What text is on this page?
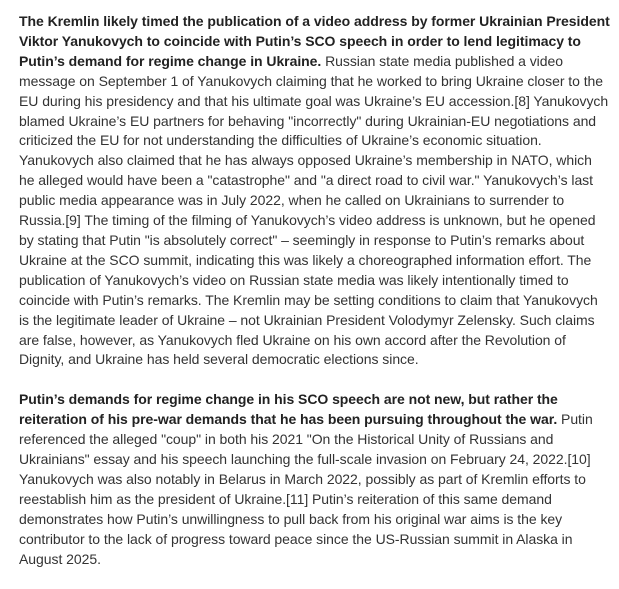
The Kremlin likely timed the publication of a video address by former Ukrainian President Viktor Yanukovych to coincide with Putin’s SCO speech in order to lend legitimacy to Putin’s demand for regime change in Ukraine. Russian state media published a video message on September 1 of Yanukovych claiming that he worked to bring Ukraine closer to the EU during his presidency and that his ultimate goal was Ukraine’s EU accession.[8] Yanukovych blamed Ukraine’s EU partners for behaving "incorrectly" during Ukrainian-EU negotiations and criticized the EU for not understanding the difficulties of Ukraine’s economic situation. Yanukovych also claimed that he has always opposed Ukraine’s membership in NATO, which he alleged would have been a "catastrophe" and "a direct road to civil war." Yanukovych’s last public media appearance was in July 2022, when he called on Ukrainians to surrender to Russia.[9] The timing of the filming of Yanukovych’s video address is unknown, but he opened by stating that Putin "is absolutely correct" – seemingly in response to Putin’s remarks about Ukraine at the SCO summit, indicating this was likely a choreographed information effort. The publication of Yanukovych’s video on Russian state media was likely intentionally timed to coincide with Putin’s remarks. The Kremlin may be setting conditions to claim that Yanukovych is the legitimate leader of Ukraine – not Ukrainian President Volodymyr Zelensky. Such claims are false, however, as Yanukovych fled Ukraine on his own accord after the Revolution of Dignity, and Ukraine has held several democratic elections since.

Putin’s demands for regime change in his SCO speech are not new, but rather the reiteration of his pre-war demands that he has been pursuing throughout the war. Putin referenced the alleged "coup" in both his 2021 "On the Historical Unity of Russians and Ukrainians" essay and his speech launching the full-scale invasion on February 24, 2022.[10] Yanukovych was also notably in Belarus in March 2022, possibly as part of Kremlin efforts to reestablish him as the president of Ukraine.[11] Putin’s reiteration of this same demand demonstrates how Putin’s unwillingness to pull back from his original war aims is the key contributor to the lack of progress toward peace since the US-Russian summit in Alaska in August 2025.
